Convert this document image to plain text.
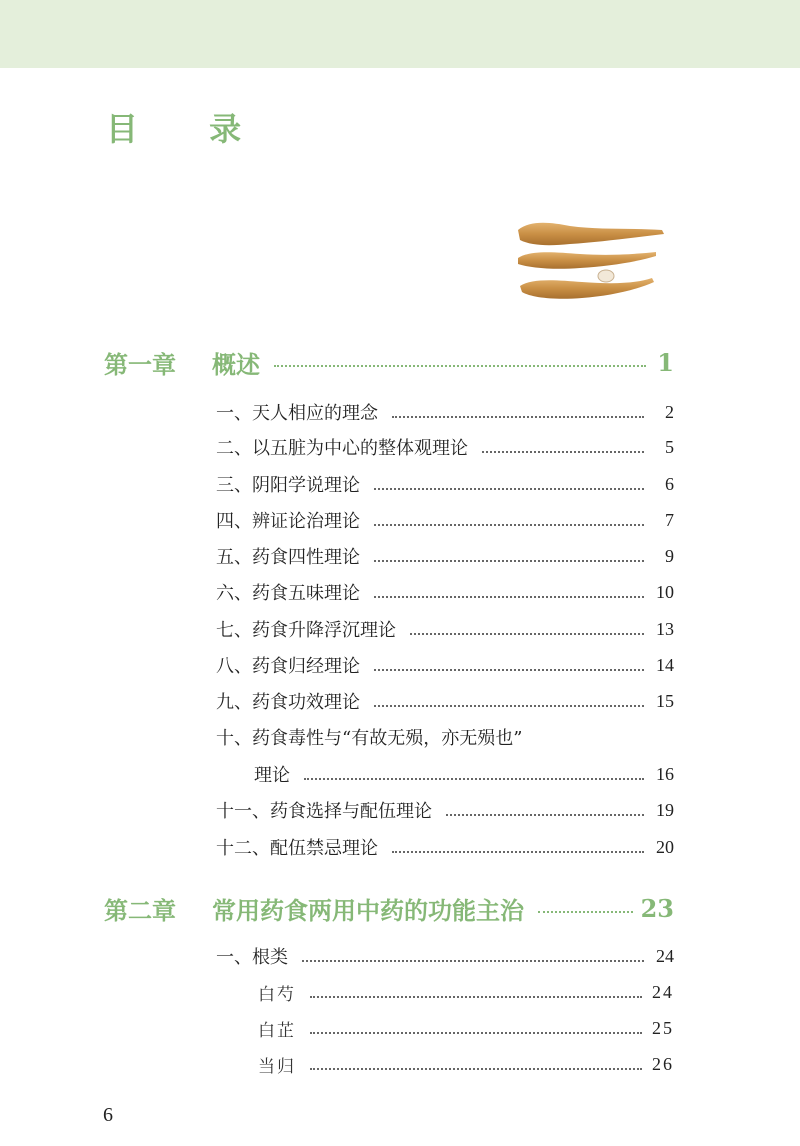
目 录
第一章	概述	1
一、天人相应的理念	2
二、以五脏为中心的整体观理论	5
三、阴阳学说理论	6
四、辨证论治理论	7
五、药食四性理论	9
六、药食五味理论	10
七、药食升降浮沉理论	13
八、药食归经理论	14
九、药食功效理论	15
十、药食毒性与“有故无殒，亦无殒也”
理论	16
十一、药食选择与配伍理论	19
十二、配伍禁忌理论	20
第二章	常用药食两用中药的功能主治	23
一、根类	24
白芍	24
白芷	25
当归	26
6
